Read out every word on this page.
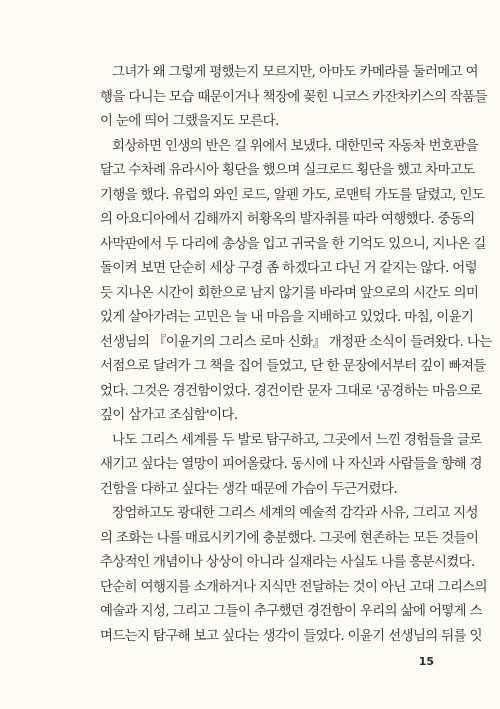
그녀가 왜 그렇게 평했는지 모르지만, 아마도 카메라를 둘러메고 여
행을 다니는 모습 때문이거나 책장에 꽂힌 니코스 카잔차키스의 작품들
이 눈에 띄어 그랬을지도 모른다.
회상하면 인생의 반은 길 위에서 보냈다. 대한민국 자동차 번호판을
달고 수차례 유라시아 횡단을 했으며 실크로드 횡단을 했고 차마고도
기행을 했다. 유럽의 와인 로드, 알펜 가도, 로맨틱 가도를 달렸고, 인도
의 아요디아에서 김해까지 허황옥의 발자취를 따라 여행했다. 중동의
사막판에서 두 다리에 총상을 입고 귀국을 한 기억도 있으니, 지나온 길
돌이켜 보면 단순히 세상 구경 좀 하겠다고 다닌 거 같지는 않다. 어렇
듯 지나온 시간이 회한으로 남지 않기를 바라며 앞으로의 시간도 의미
있게 살아가려는 고민은 늘 내 마음을 지배하고 있었다. 마침, 이윤기
선생님의 『이윤기의 그리스 로마 신화』 개정판 소식이 들려왔다. 나는
서점으로 달려가 그 책을 집어 들었고, 단 한 문장에서부터 깊이 빠져들
었다. 그것은 경건함이었다. 경건이란 문자 그대로 '공경하는 마음으로
깊이 삼가고 조심함'이다.
나도 그리스 세계를 두 발로 탐구하고, 그곳에서 느낀 경험들을 글로
새기고 싶다는 열망이 피어올랐다. 동시에 나 자신과 사람들을 향해 경
건함을 다하고 싶다는 생각 때문에 가슴이 두근거렸다.
장엄하고도 광대한 그리스 세계의 예술적 감각과 사유, 그리고 지성
의 조화는 나를 매료시키기에 충분했다. 그곳에 현존하는 모든 것들이
추상적인 개념이나 상상이 아니라 실재라는 사실도 나를 흥분시켰다.
단순히 여행지를 소개하거나 지식만 전달하는 것이 아닌 고대 그리스의
예술과 지성, 그리고 그들이 추구했던 경건함이 우리의 삶에 어떻게 스
며드는지 탐구해 보고 싶다는 생각이 들었다. 이윤기 선생님의 뒤를 잇
15
